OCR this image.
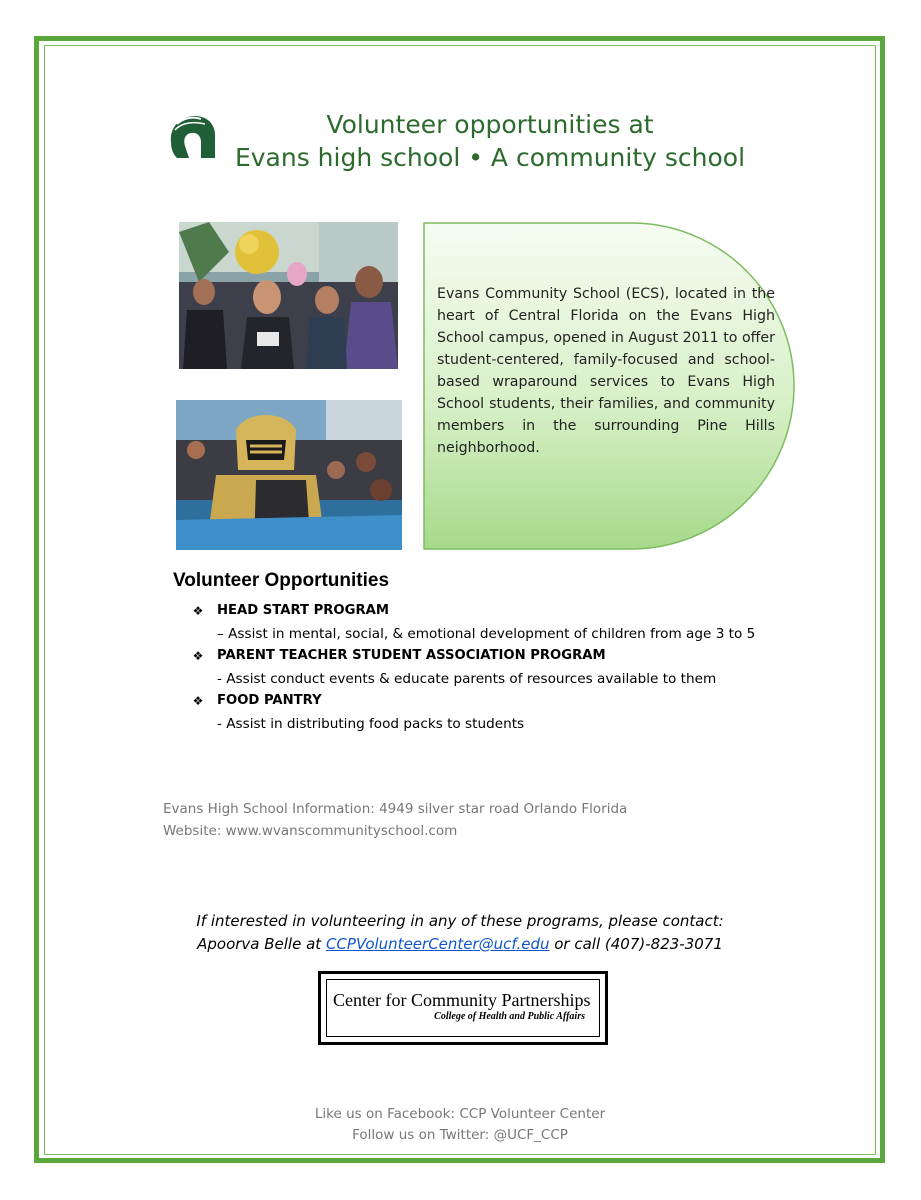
Volunteer opportunities at
Evans high school • A community school
Evans Community School (ECS), located in the heart of Central Florida on the Evans High School campus, opened in August 2011 to offer student-centered, family-focused and school-based wraparound services to Evans High School students, their families, and community members in the surrounding Pine Hills neighborhood.
Volunteer Opportunities
❖	HEAD START PROGRAM
– Assist in mental, social, & emotional development of children from age 3 to 5
❖	PARENT TEACHER STUDENT ASSOCIATION PROGRAM
- Assist conduct events & educate parents of resources available to them
❖	FOOD PANTRY
- Assist in distributing food packs to students
Evans High School Information: 4949 silver star road Orlando Florida
Website: www.wvanscommunityschool.com
If interested in volunteering in any of these programs, please contact:
Apoorva Belle at CCPVolunteerCenter@ucf.edu or call (407)-823-3071
Center for Community Partnerships
College of Health and Public Affairs
Like us on Facebook: CCP Volunteer Center
Follow us on Twitter: @UCF_CCP
